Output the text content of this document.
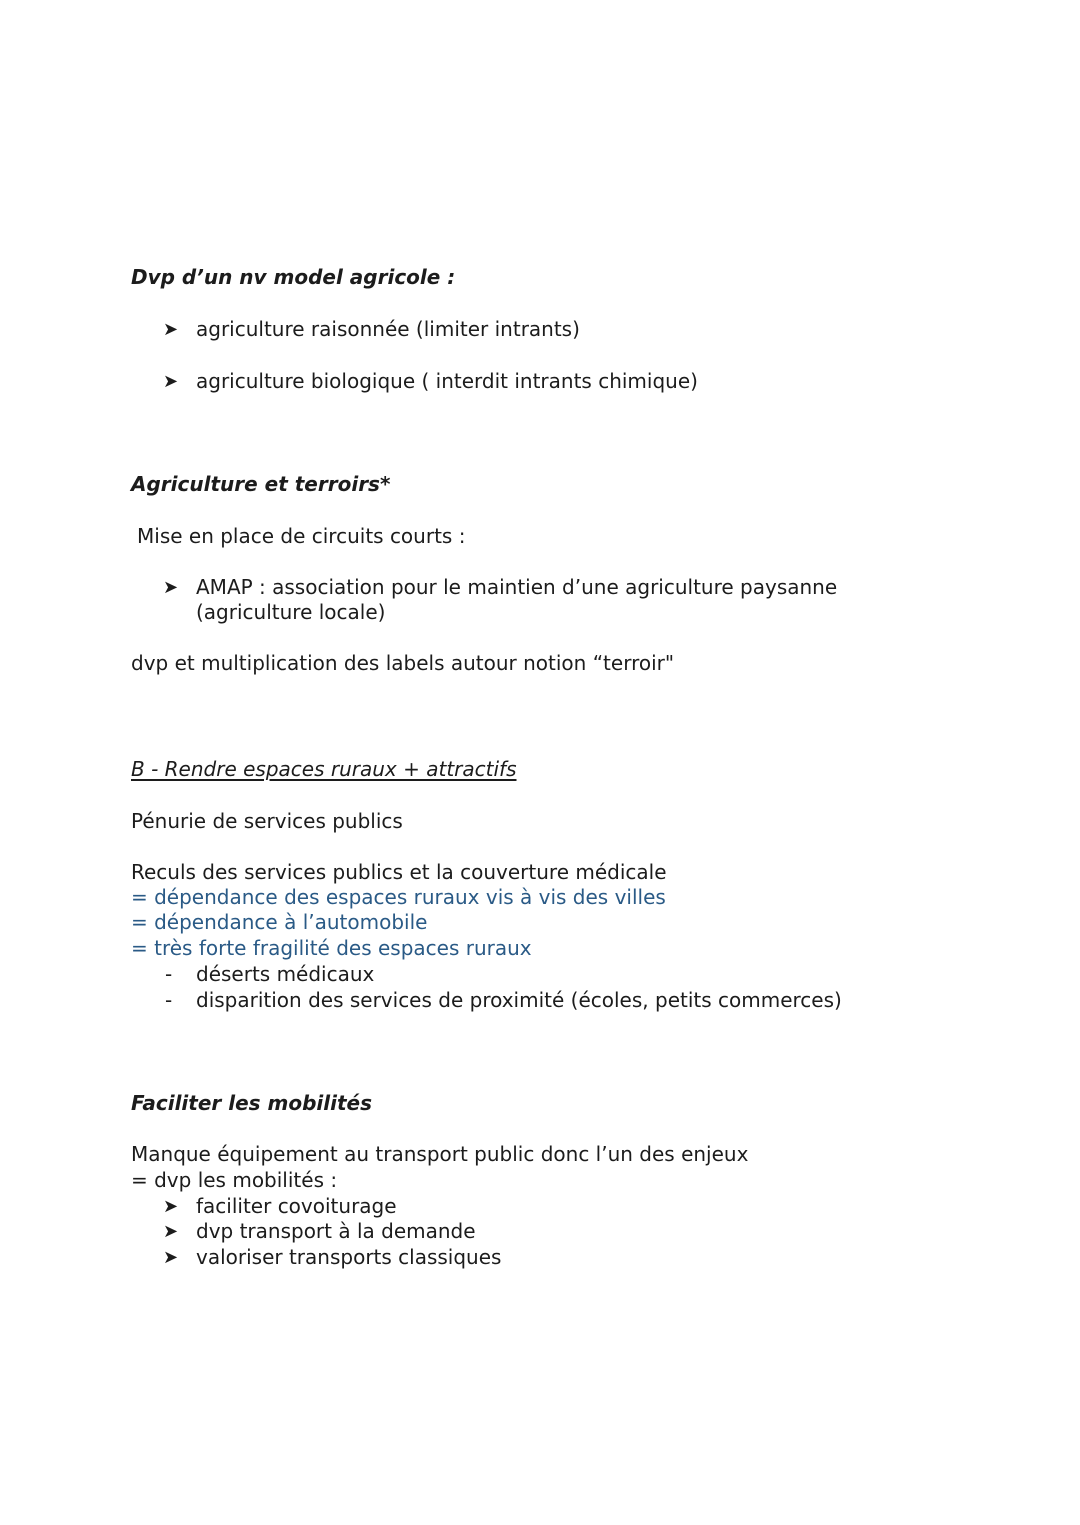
Dvp d’un nv model agricole :
➤ agriculture raisonnée (limiter intrants)
➤ agriculture biologique ( interdit intrants chimique)
Agriculture et terroirs*
Mise en place de circuits courts :
➤ AMAP : association pour le maintien d’une agriculture paysanne
(agriculture locale)
dvp et multiplication des labels autour notion “terroir"
B - Rendre espaces ruraux + attractifs
Pénurie de services publics
Reculs des services publics et la couverture médicale
= dépendance des espaces ruraux vis à vis des villes
= dépendance à l’automobile
= très forte fragilité des espaces ruraux
- déserts médicaux
- disparition des services de proximité (écoles, petits commerces)
Faciliter les mobilités
Manque équipement au transport public donc l’un des enjeux
= dvp les mobilités :
➤ faciliter covoiturage
➤ dvp transport à la demande
➤ valoriser transports classiques
